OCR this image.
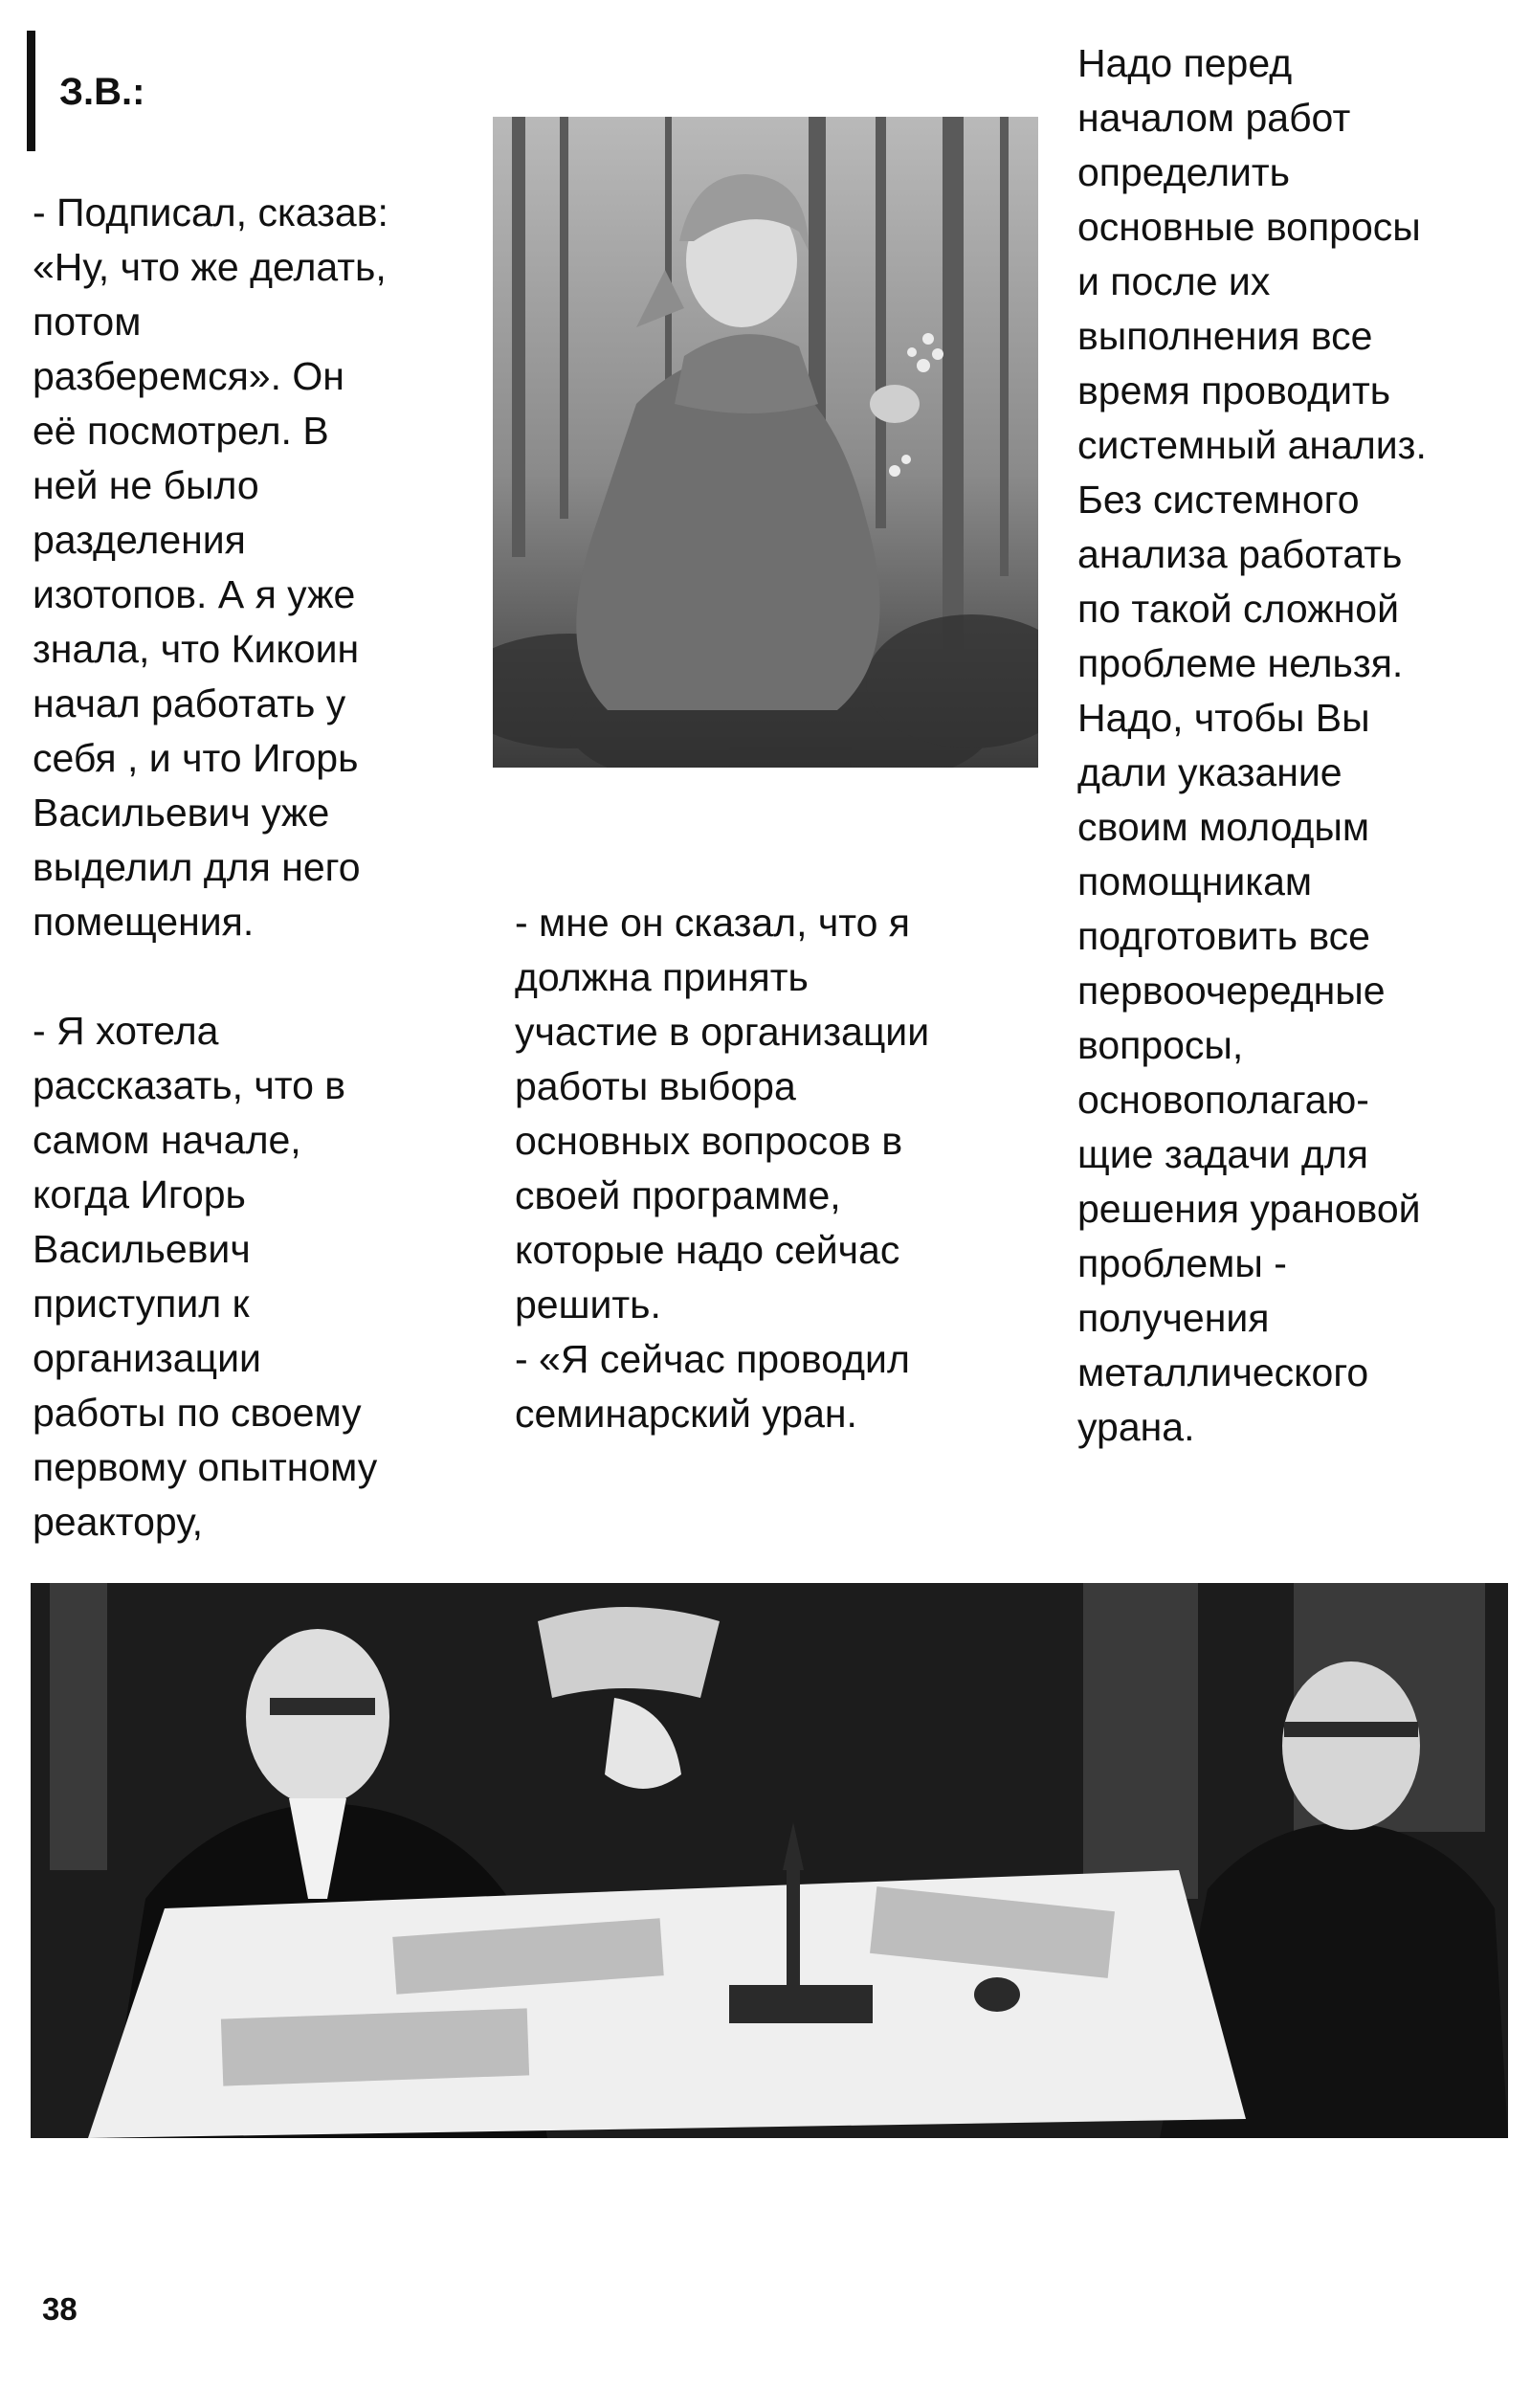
З.В.:

- Подписал, сказав:
«Ну, что же делать,
потом
разберемся». Он
её посмотрел. В
ней не было
разделения
изотопов. А я уже
знала, что Кикоин
начал работать у
себя , и что Игорь
Васильевич уже
выделил для него
помещения.

- Я хотела
рассказать, что в
самом начале,
когда Игорь
Васильевич
приступил к
организации
работы по своему
первому опытному
реактору,

- мне он сказал, что я
должна принять
участие в организации
работы выбора
основных вопросов в
своей программе,
которые надо сейчас
решить.

- «Я сейчас проводил
семинарский уран.

Надо перед
началом работ
определить
основные вопросы
и после их
выполнения все
время проводить
системный анализ.
Без системного
анализа работать
по такой сложной
проблеме нельзя.
Надо, чтобы Вы
дали указание
своим молодым
помощникам
подготовить все
первоочередные
вопросы,
основополагаю-
щие задачи для
решения урановой
проблемы -
получения
металлического
урана.

38
